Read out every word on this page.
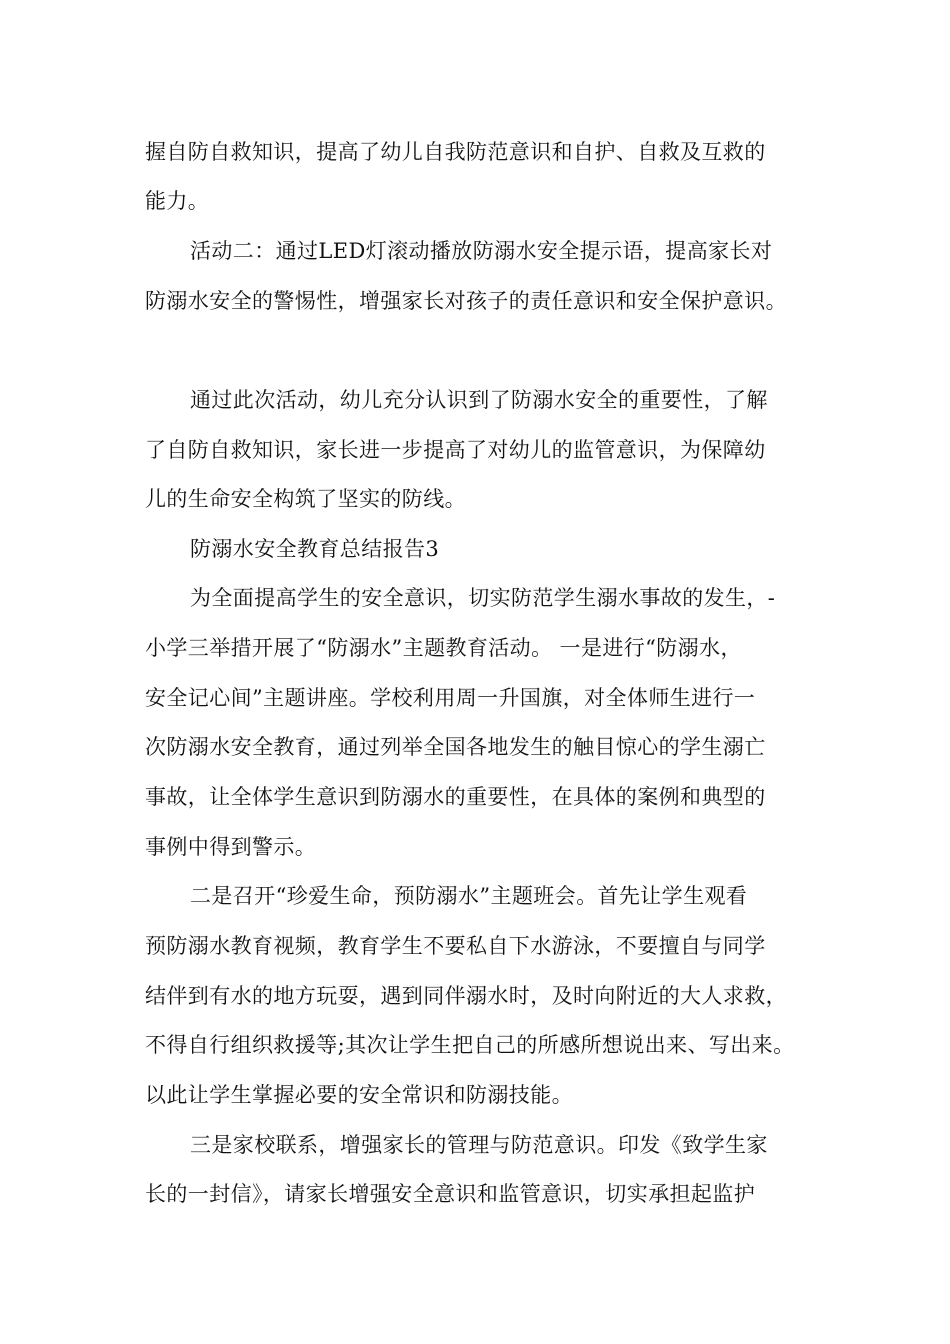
握自防自救知识，提高了幼儿自我防范意识和自护、自救及互救的
能力。
活动二：通过LED灯滚动播放防溺水安全提示语，提高家长对
防溺水安全的警惕性，增强家长对孩子的责任意识和安全保护意识。
通过此次活动，幼儿充分认识到了防溺水安全的重要性，了解
了自防自救知识，家长进一步提高了对幼儿的监管意识，为保障幼
儿的生命安全构筑了坚实的防线。
防溺水安全教育总结报告3
为全面提高学生的安全意识，切实防范学生溺水事故的发生，-
小学三举措开展了“防溺水”主题教育活动。 一是进行“防溺水，
安全记心间”主题讲座。学校利用周一升国旗，对全体师生进行一
次防溺水安全教育，通过列举全国各地发生的触目惊心的学生溺亡
事故，让全体学生意识到防溺水的重要性，在具体的案例和典型的
事例中得到警示。
二是召开“珍爱生命，预防溺水”主题班会。首先让学生观看
预防溺水教育视频，教育学生不要私自下水游泳，不要擅自与同学
结伴到有水的地方玩耍，遇到同伴溺水时，及时向附近的大人求救，
不得自行组织救援等;其次让学生把自己的所感所想说出来、写出来。
以此让学生掌握必要的安全常识和防溺技能。
三是家校联系，增强家长的管理与防范意识。印发《致学生家
长的一封信》，请家长增强安全意识和监管意识，切实承担起监护
